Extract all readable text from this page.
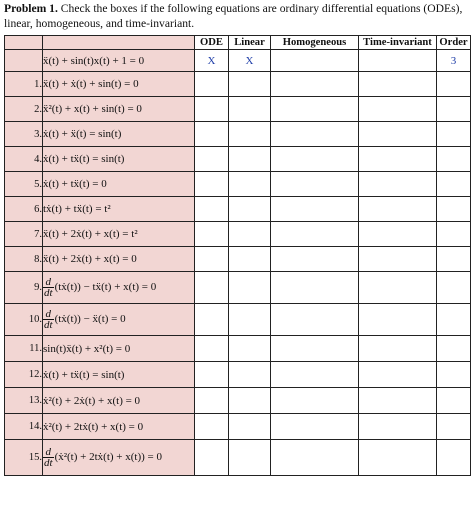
Problem 1. Check the boxes if the following equations are ordinary differential equations (ODEs), linear, homogeneous, and time-invariant.
		ODE	Linear	Homogeneous	Time-invariant	Order
	ẍ(t) + sin(t)x(t) + 1 = 0	X	X			3
1.	ẍ(t) + ẋ(t) + sin(t) = 0					
2.	ẍ²(t) + x(t) + sin(t) = 0					
3.	ẋ(t) + ẍ(t) = sin(t)					
4.	ẋ(t) + tẍ(t) = sin(t)					
5.	ẋ(t) + tẍ(t) = 0					
6.	tẋ(t) + tẍ(t) = t²					
7.	ẍ(t) + 2ẋ(t) + x(t) = t²					
8.	ẍ(t) + 2ẋ(t) + x(t) = 0					
9.	$\frac{d}{dt}$ (tẋ(t)) − tẍ(t) + x(t) = 0					
10.	$\frac{d}{dt}$ (tẋ(t)) − ẍ(t) = 0					
11.	sin(t)ẍ(t) + x²(t) = 0					
12.	ẋ(t) + tẍ(t) = sin(t)					
13.	ẋ²(t) + 2ẋ(t) + x(t) = 0					
14.	ẋ²(t) + 2tẋ(t) + x(t) = 0					
15.	$\frac{d}{dt}$ (ẋ²(t) + 2tẋ(t) + x(t)) = 0					
